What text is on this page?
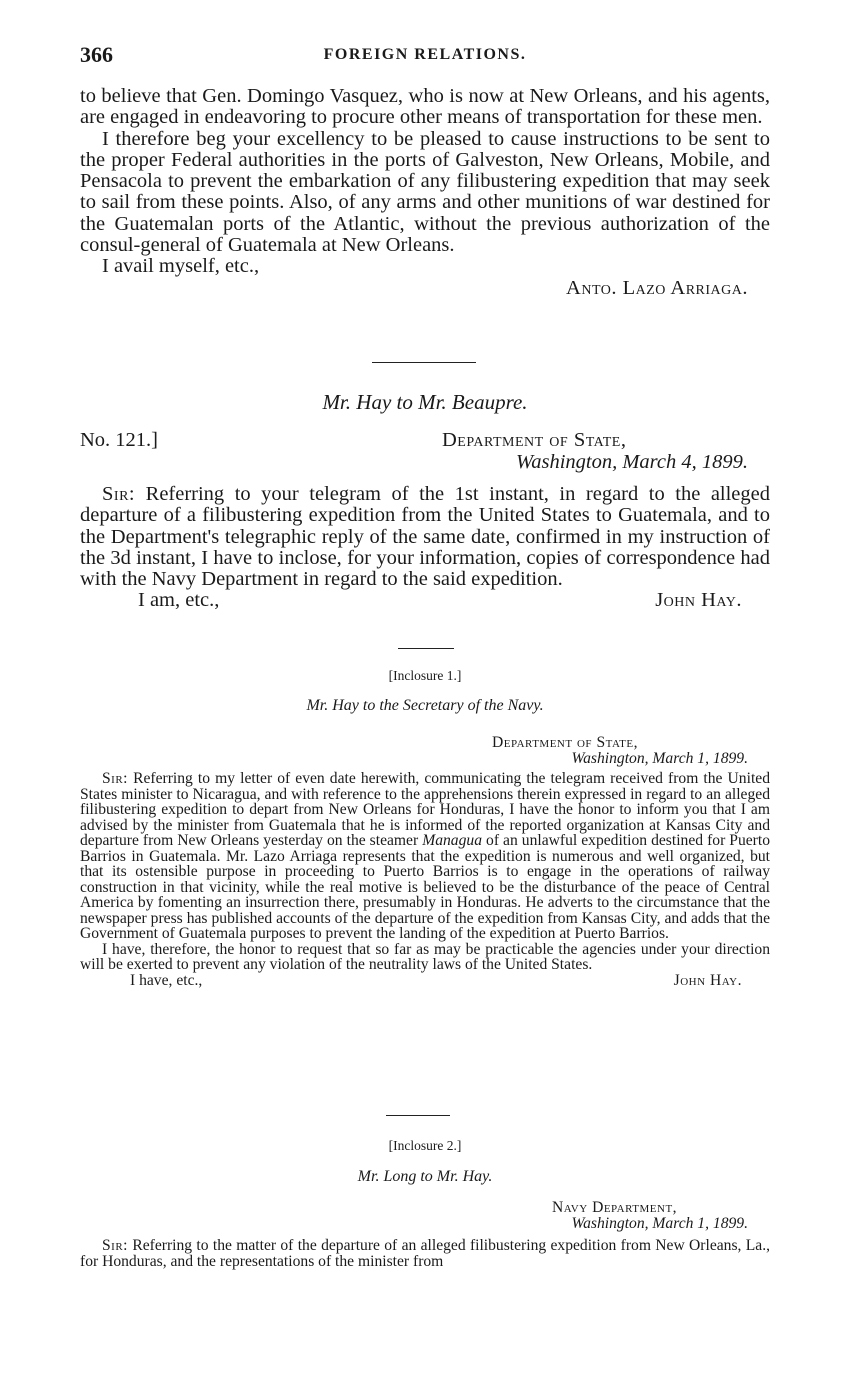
366	FOREIGN RELATIONS.

to believe that Gen. Domingo Vasquez, who is now at New Orleans, and his agents, are engaged in endeavoring to procure other means of transportation for these men.

I therefore beg your excellency to be pleased to cause instructions to be sent to the proper Federal authorities in the ports of Galveston, New Orleans, Mobile, and Pensacola to prevent the embarkation of any filibustering expedition that may seek to sail from these points. Also, of any arms and other munitions of war destined for the Guatemalan ports of the Atlantic, without the previous authorization of the consul-general of Guatemala at New Orleans.

I avail myself, etc.,

Anto. Lazo Arriaga.

Mr. Hay to Mr. Beaupre.
No. 121.]	Department of State,
Washington, March 4, 1899.

Sir: Referring to your telegram of the 1st instant, in regard to the alleged departure of a filibustering expedition from the United States to Guatemala, and to the Department's telegraphic reply of the same date, confirmed in my instruction of the 3d instant, I have to inclose, for your information, copies of correspondence had with the Navy Department in regard to the said expedition.

I am, etc.,	John Hay.
[Inclosure 1.]
Mr. Hay to the Secretary of the Navy.
Department of State,
Washington, March 1, 1899.

Sir: Referring to my letter of even date herewith, communicating the telegram received from the United States minister to Nicaragua, and with reference to the apprehensions therein expressed in regard to an alleged filibustering expedition to depart from New Orleans for Honduras, I have the honor to inform you that I am advised by the minister from Guatemala that he is informed of the reported organization at Kansas City and departure from New Orleans yesterday on the steamer Managua of an unlawful expedition destined for Puerto Barrios in Guatemala. Mr. Lazo Arriaga represents that the expedition is numerous and well organized, but that its ostensible purpose in proceeding to Puerto Barrios is to engage in the operations of railway construction in that vicinity, while the real motive is believed to be the disturbance of the peace of Central America by fomenting an insurrection there, presumably in Honduras. He adverts to the circumstance that the newspaper press has published accounts of the departure of the expedition from Kansas City, and adds that the Government of Guatemala purposes to prevent the landing of the expedition at Puerto Barrios.

I have, therefore, the honor to request that so far as may be practicable the agencies under your direction will be exerted to prevent any violation of the neutrality laws of the United States.

I have, etc.,	John Hay.
[Inclosure 2.]
Mr. Long to Mr. Hay.
Navy Department,
Washington, March 1, 1899.

Sir: Referring to the matter of the departure of an alleged filibustering expedition from New Orleans, La., for Honduras, and the representations of the minister from
